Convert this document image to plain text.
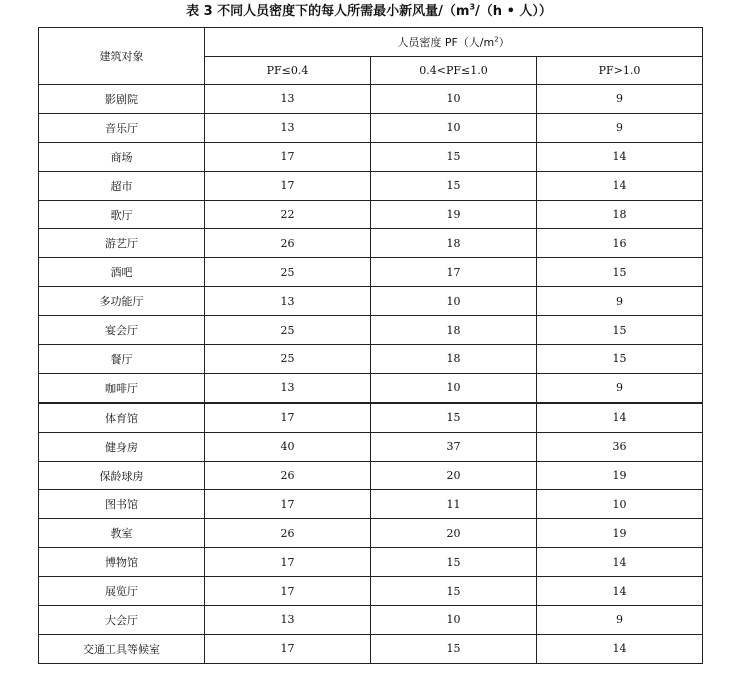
表 3 不同人员密度下的每人所需最小新风量$/(m^3/(h$ • 人））
建筑对象	人员密度 PF（人$/m^2$）		
	PF≤0.4	0.4<PF≤1.0	PF>1.0
影剧院	13	10	9
音乐厅	13	10	9
商场	17	15	14
超市	17	15	14
歌厅	22	19	18
游艺厅	26	18	16
酒吧	25	17	15
多功能厅	13	10	9
宴会厅	25	18	15
餐厅	25	18	15
咖啡厅	13	10	9
体育馆	17	15	14
健身房	40	37	36
保龄球房	26	20	19
图书馆	17	11	10
教室	26	20	19
博物馆	17	15	14
展览厅	17	15	14
大会厅	13	10	9
交通工具等候室	17	15	14
